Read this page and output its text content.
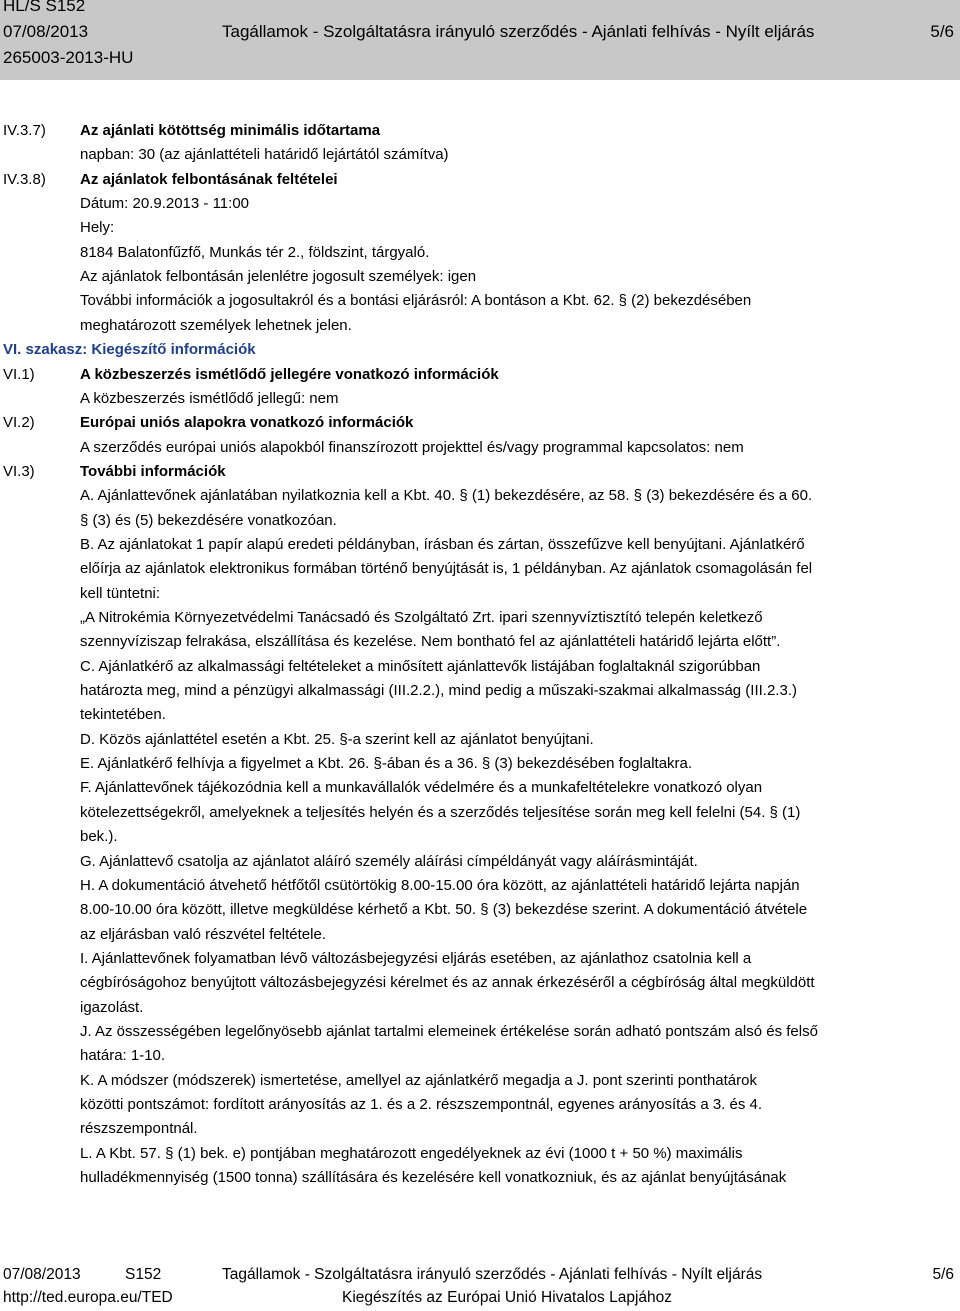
HL/S S152
07/08/2013	Tagállamok - Szolgáltatásra irányuló szerződés - Ajánlati felhívás - Nyílt eljárás	5/6
265003-2013-HU
IV.3.7) Az ajánlati kötöttség minimális időtartama
napban: 30 (az ajánlattételi határidő lejártától számítva)
IV.3.8) Az ajánlatok felbontásának feltételei
Dátum: 20.9.2013 - 11:00
Hely:
8184 Balatonfűzfő, Munkás tér 2., földszint, tárgyaló.
Az ajánlatok felbontásán jelenlétre jogosult személyek: igen
További információk a jogosultakról és a bontási eljárásról: A bontáson a Kbt. 62. § (2) bekezdésében
meghatározott személyek lehetnek jelen.
VI. szakasz: Kiegészítő információk
VI.1)	A közbeszerzés ismétlődő jellegére vonatkozó információk
A közbeszerzés ismétlődő jellegű: nem
VI.2)	Európai uniós alapokra vonatkozó információk
A szerződés európai uniós alapokból finanszírozott projekttel és/vagy programmal kapcsolatos: nem
VI.3)	További információk
A. Ajánlattevőnek ajánlatában nyilatkoznia kell a Kbt. 40. § (1) bekezdésére, az 58. § (3) bekezdésére és a 60.
§ (3) és (5) bekezdésére vonatkozóan.
B. Az ajánlatokat 1 papír alapú eredeti példányban, írásban és zártan, összefűzve kell benyújtani. Ajánlatkérő
előírja az ajánlatok elektronikus formában történő benyújtását is, 1 példányban. Az ajánlatok csomagolásán fel
kell tüntetni:
„A Nitrokémia Környezetvédelmi Tanácsadó és Szolgáltató Zrt. ipari szennyvíztisztító telepén keletkező
szennyvíziszap felrakása, elszállítása és kezelése. Nem bontható fel az ajánlattételi határidő lejárta előtt”.
C. Ajánlatkérő az alkalmassági feltételeket a minősített ajánlattevők listájában foglaltaknál szigorúbban
határozta meg, mind a pénzügyi alkalmassági (III.2.2.), mind pedig a műszaki-szakmai alkalmasság (III.2.3.)
tekintetében.
D. Közös ajánlattétel esetén a Kbt. 25. §-a szerint kell az ajánlatot benyújtani.
E. Ajánlatkérő felhívja a figyelmet a Kbt. 26. §-ában és a 36. § (3) bekezdésében foglaltakra.
F. Ajánlattevőnek tájékozódnia kell a munkavállalók védelmére és a munkafeltételekre vonatkozó olyan
kötelezettségekről, amelyeknek a teljesítés helyén és a szerződés teljesítése során meg kell felelni (54. § (1)
bek.).
G. Ajánlattevő csatolja az ajánlatot aláíró személy aláírási címpéldányát vagy aláírásmintáját.
H. A dokumentáció átvehető hétfőtől csütörtökig 8.00-15.00 óra között, az ajánlattételi határidő lejárta napján
8.00-10.00 óra között, illetve megküldése kérhető a Kbt. 50. § (3) bekezdése szerint. A dokumentáció átvétele
az eljárásban való részvétel feltétele.
I. Ajánlattevőnek folyamatban lévõ változásbejegyzési eljárás esetében, az ajánlathoz csatolnia kell a
cégbíróságohoz benyújtott változásbejegyzési kérelmet és az annak érkezéséről a cégbíróság által megküldött
igazolást.
J. Az összességében legelőnyösebb ajánlat tartalmi elemeinek értékelése során adható pontszám alsó és felső
határa: 1-10.
K. A módszer (módszerek) ismertetése, amellyel az ajánlatkérő megadja a J. pont szerinti ponthatárok
közötti pontszámot: fordított arányosítás az 1. és a 2. részszempontnál, egyenes arányosítás a 3. és 4.
részszempontnál.
L. A Kbt. 57. § (1) bek. e) pontjában meghatározott engedélyeknek az évi (1000 t + 50 %) maximális
hulladékmennyiség (1500 tonna) szállítására és kezelésére kell vonatkozniuk, és az ajánlat benyújtásának
07/08/2013	S152	Tagállamok - Szolgáltatásra irányuló szerződés - Ajánlati felhívás - Nyílt eljárás	5/6
http://ted.europa.eu/TED	Kiegészítés az Európai Unió Hivatalos Lapjához
